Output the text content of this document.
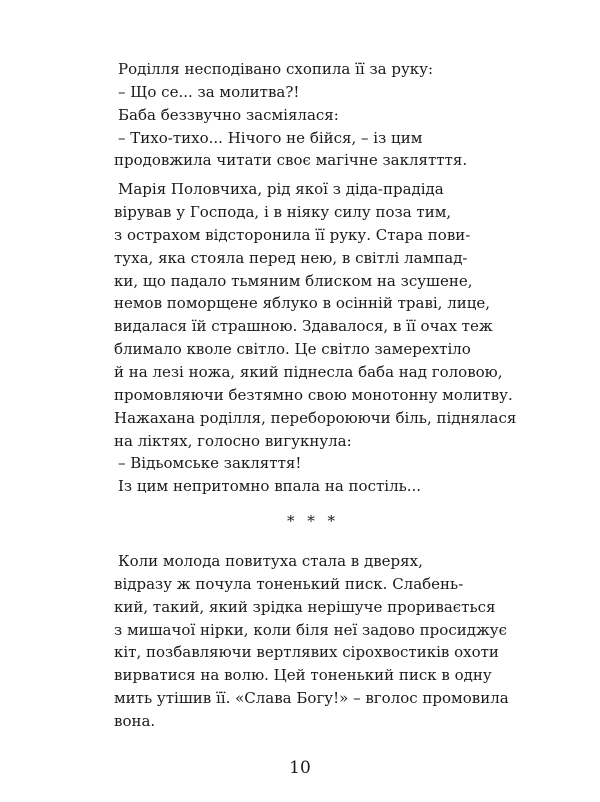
Роділля несподівано схопила її за руку:
– Що се... за молитва?!
Баба беззвучно засміялася:
– Тихо-тихо... Нічого не бійся, – із цим
продовжила читати своє магічне заклятття.
Марія Половчиха, рід якої з діда-прадіда
вірував у Господа, і в ніяку силу поза тим,
з острахом відсторонила її руку. Стара пови-
туха, яка стояла перед нею, в світлі лампад-
ки, що падало тьмяним блиском на зсушене,
немов поморщене яблуко в осінній траві, лице,
видалася їй страшною. Здавалося, в її очах теж
блимало кволе світло. Це світло замерехтіло
й на лезі ножа, який піднесла баба над головою,
промовляючи безтямно свою монотонну молитву.
Нажахана роділля, перебороюючи біль, піднялася
на ліктях, голосно вигукнула:
– Відьомське закляття!
Із цим непритомно впала на постіль...
* * *
Коли молода повитуха стала в дверях,
відразу ж почула тоненький писк. Слабень-
кий, такий, який зрідка нерішуче проривається
з мишачої нірки, коли біля неї задово просиджує
кіт, позбавляючи вертлявих сірохвостиків охоти
вирватися на волю. Цей тоненький писк в одну
мить утішив її. «Слава Богу!» – вголос промовила
вона.
10
